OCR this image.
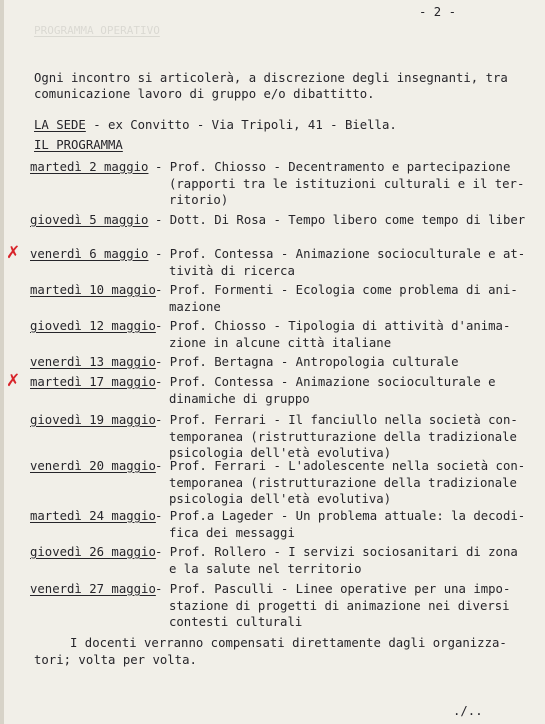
- 2 -
PROGRAMMA OPERATIVO
Ogni incontro si articolerà, a discrezione degli insegnanti, tra
comunicazione lavoro di gruppo e/o dibattitto.
LA SEDE - ex Convitto - Via Tripoli, 41 - Biella.
IL PROGRAMMA
martedì 2 maggio - Prof. Chiosso - Decentramento e partecipazione
(rapporti tra le istituzioni culturali e il ter-
ritorio)
giovedì 5 maggio - Dott. Di Rosa - Tempo libero come tempo di liber
✗ venerdì 6 maggio - Prof. Contessa - Animazione socioculturale e at-
tività di ricerca
martedì 10 maggio - Prof. Formenti - Ecologia come problema di ani-
mazione
giovedì 12 maggio - Prof. Chiosso - Tipologia di attività d'anima-
zione in alcune città italiane
venerdì 13 maggio - Prof. Bertagna - Antropologia culturale
✗ martedì 17 maggio - Prof. Contessa - Animazione socioculturale e
dinamiche di gruppo
giovedì 19 maggio - Prof. Ferrari - Il fanciullo nella società con-
temporanea (ristrutturazione della tradizionale
psicologia dell'età evolutiva)
venerdì 20 maggio - Prof. Ferrari - L'adolescente nella società con-
temporanea (ristrutturazione della tradizionale
psicologia dell'età evolutiva)
martedì 24 maggio - Prof.a Lageder - Un problema attuale: la decodi-
fica dei messaggi
giovedì 26 maggio - Prof. Rollero - I servizi sociosanitari di zona
e la salute nel territorio
venerdì 27 maggio - Prof. Pasculli - Linee operative per una impo-
stazione di progetti di animazione nei diversi
contesti culturali
I docenti verranno compensati direttamente dagli organizza-
tori; volta per volta.
./..
